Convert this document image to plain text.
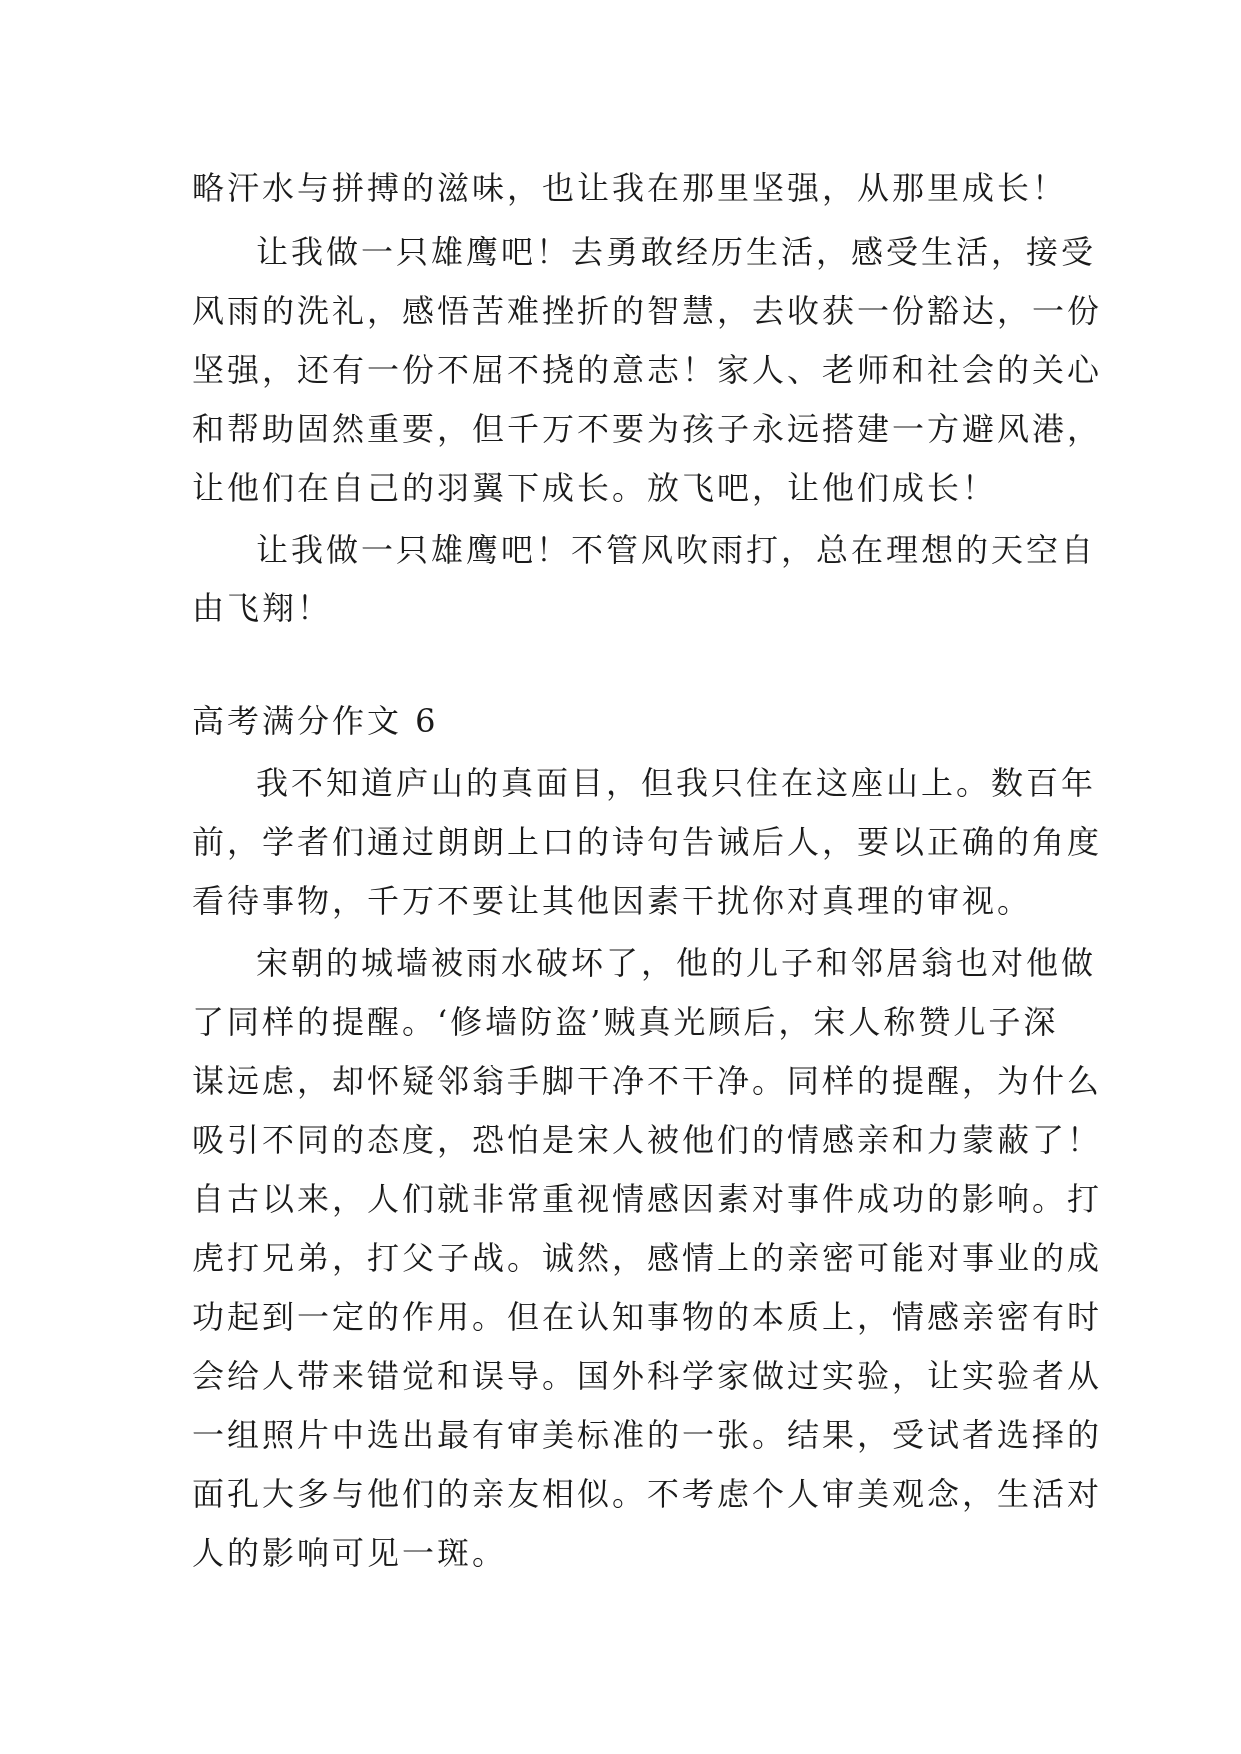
略汗水与拼搏的滋味，也让我在那里坚强，从那里成长！
让我做一只雄鹰吧！去勇敢经历生活，感受生活，接受
风雨的洗礼，感悟苦难挫折的智慧，去收获一份豁达，一份
坚强，还有一份不屈不挠的意志！家人、老师和社会的关心
和帮助固然重要，但千万不要为孩子永远搭建一方避风港，
让他们在自己的羽翼下成长。放飞吧，让他们成长！
让我做一只雄鹰吧！不管风吹雨打，总在理想的天空自
由飞翔！
高考满分作文 6
我不知道庐山的真面目，但我只住在这座山上。数百年
前，学者们通过朗朗上口的诗句告诫后人，要以正确的角度
看待事物，千万不要让其他因素干扰你对真理的审视。
宋朝的城墙被雨水破坏了，他的儿子和邻居翁也对他做
了同样的提醒。‘修墙防盗’贼真光顾后，宋人称赞儿子深
谋远虑，却怀疑邻翁手脚干净不干净。同样的提醒，为什么
吸引不同的态度，恐怕是宋人被他们的情感亲和力蒙蔽了！
自古以来，人们就非常重视情感因素对事件成功的影响。打
虎打兄弟，打父子战。诚然，感情上的亲密可能对事业的成
功起到一定的作用。但在认知事物的本质上，情感亲密有时
会给人带来错觉和误导。国外科学家做过实验，让实验者从
一组照片中选出最有审美标准的一张。结果，受试者选择的
面孔大多与他们的亲友相似。不考虑个人审美观念，生活对
人的影响可见一斑。
